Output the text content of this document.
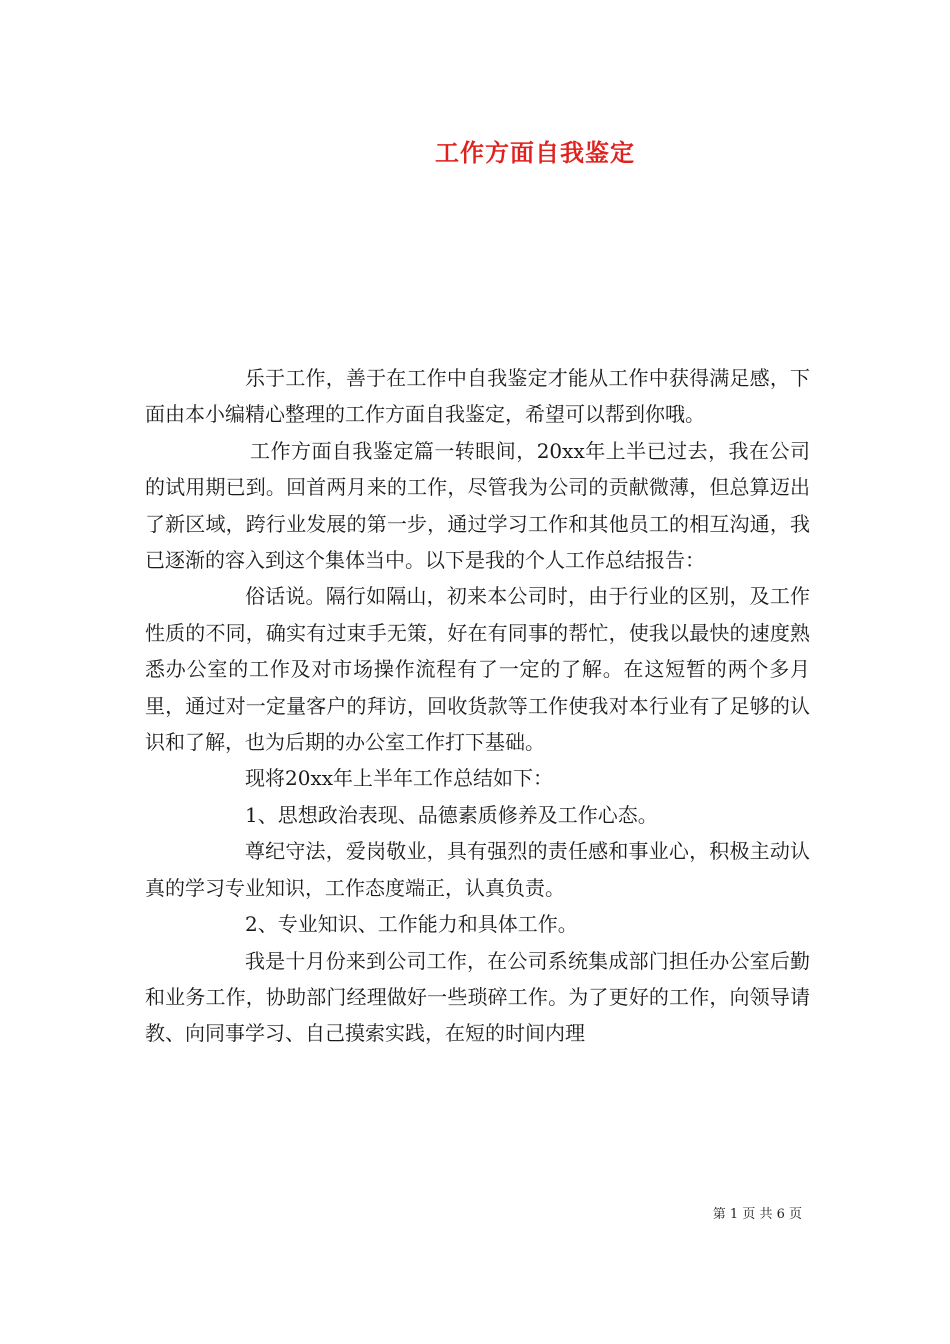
工作方面自我鉴定

乐于工作，善于在工作中自我鉴定才能从工作中获得满足感，下面由本小编精心整理的工作方面自我鉴定，希望可以帮到你哦。

工作方面自我鉴定篇一转眼间，20xx年上半已过去，我在公司的试用期已到。回首两月来的工作，尽管我为公司的贡献微薄，但总算迈出了新区域，跨行业发展的第一步，通过学习工作和其他员工的相互沟通，我已逐渐的容入到这个集体当中。以下是我的个人工作总结报告：

俗话说。隔行如隔山，初来本公司时，由于行业的区别，及工作性质的不同，确实有过束手无策，好在有同事的帮忙，使我以最快的速度熟悉办公室的工作及对市场操作流程有了一定的了解。在这短暂的两个多月里，通过对一定量客户的拜访，回收货款等工作使我对本行业有了足够的认识和了解，也为后期的办公室工作打下基础。

现将20xx年上半年工作总结如下：

1、思想政治表现、品德素质修养及工作心态。

尊纪守法，爱岗敬业，具有强烈的责任感和事业心，积极主动认真的学习专业知识，工作态度端正，认真负责。

2、专业知识、工作能力和具体工作。

我是十月份来到公司工作，在公司系统集成部门担任办公室后勤和业务工作，协助部门经理做好一些琐碎工作。为了更好的工作，向领导请教、向同事学习、自己摸索实践，在短的时间内理

第 1 页 共 6 页
